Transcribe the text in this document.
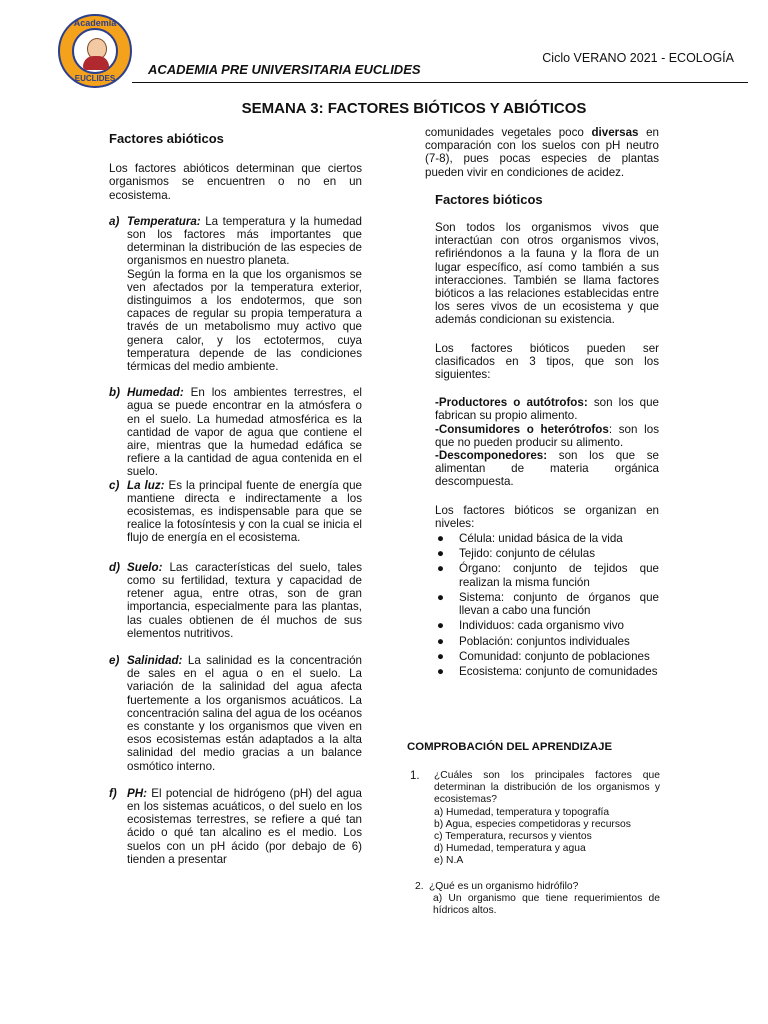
Academia
EUCLIDES
ACADEMIA PRE UNIVERSITARIA EUCLIDES
Ciclo VERANO 2021 - ECOLOGÍA
SEMANA 3: FACTORES BIÓTICOS Y ABIÓTICOS

Factores abióticos

Los factores abióticos determinan que ciertos organismos se encuentren o no en un ecosistema.

a) Temperatura: La temperatura y la humedad son los factores más importantes que determinan la distribución de las especies de organismos en nuestro planeta.

Según la forma en la que los organismos se ven afectados por la temperatura exterior, distinguimos a los endotermos, que son capaces de regular su propia temperatura a través de un metabolismo muy activo que genera calor, y los ectotermos, cuya temperatura depende de las condiciones térmicas del medio ambiente.

b) Humedad: En los ambientes terrestres, el agua se puede encontrar en la atmósfera o en el suelo. La humedad atmosférica es la cantidad de vapor de agua que contiene el aire, mientras que la humedad edáfica se refiere a la cantidad de agua contenida en el suelo.

c) La luz: Es la principal fuente de energía que mantiene directa e indirectamente a los ecosistemas, es indispensable para que se realice la fotosíntesis y con la cual se inicia el flujo de energía en el ecosistema.

d) Suelo: Las características del suelo, tales como su fertilidad, textura y capacidad de retener agua, entre otras, son de gran importancia, especialmente para las plantas, las cuales obtienen de él muchos de sus elementos nutritivos.

e) Salinidad: La salinidad es la concentración de sales en el agua o en el suelo. La variación de la salinidad del agua afecta fuertemente a los organismos acuáticos. La concentración salina del agua de los océanos es constante y los organismos que viven en esos ecosistemas están adaptados a la alta salinidad del medio gracias a un balance osmótico interno.

f) PH: El potencial de hidrógeno (pH) del agua en los sistemas acuáticos, o del suelo en los ecosistemas terrestres, se refiere a qué tan ácido o qué tan alcalino es el medio. Los suelos con un pH ácido (por debajo de 6) tienden a presentar

comunidades vegetales poco diversas en comparación con los suelos con pH neutro (7-8), pues pocas especies de plantas pueden vivir en condiciones de acidez.

Factores bióticos

Son todos los organismos vivos que interactúan con otros organismos vivos, refiriéndonos a la fauna y la flora de un lugar específico, así como también a sus interacciones. También se llama factores bióticos a las relaciones establecidas entre los seres vivos de un ecosistema y que además condicionan su existencia.

Los factores bióticos pueden ser clasificados en 3 tipos, que son los siguientes:

-Productores o autótrofos: son los que fabrican su propio alimento.

-Consumidores o heterótrofos: son los que no pueden producir su alimento.

-Descomponedores: son los que se alimentan de materia orgánica descompuesta.

Los factores bióticos se organizan en niveles:

●	Célula: unidad básica de la vida
●	Tejido: conjunto de células
●	Órgano: conjunto de tejidos que realizan la misma función
●	Sistema: conjunto de órganos que llevan a cabo una función
●	Individuos: cada organismo vivo
●	Población: conjuntos individuales
●	Comunidad: conjunto de poblaciones
●	Ecosistema: conjunto de comunidades
COMPROBACIÓN DEL APRENDIZAJE
1.	¿Cuáles son los principales factores que determinan la distribución de los organismos y ecosistemas?

a) Humedad, temperatura y topografía

b) Agua, especies competidoras y recursos

c) Temperatura, recursos y vientos

d) Humedad, temperatura y agua

e) N.A

2. ¿Qué es un organismo hidrófilo?

a) Un organismo que tiene requerimientos de hídricos altos.
